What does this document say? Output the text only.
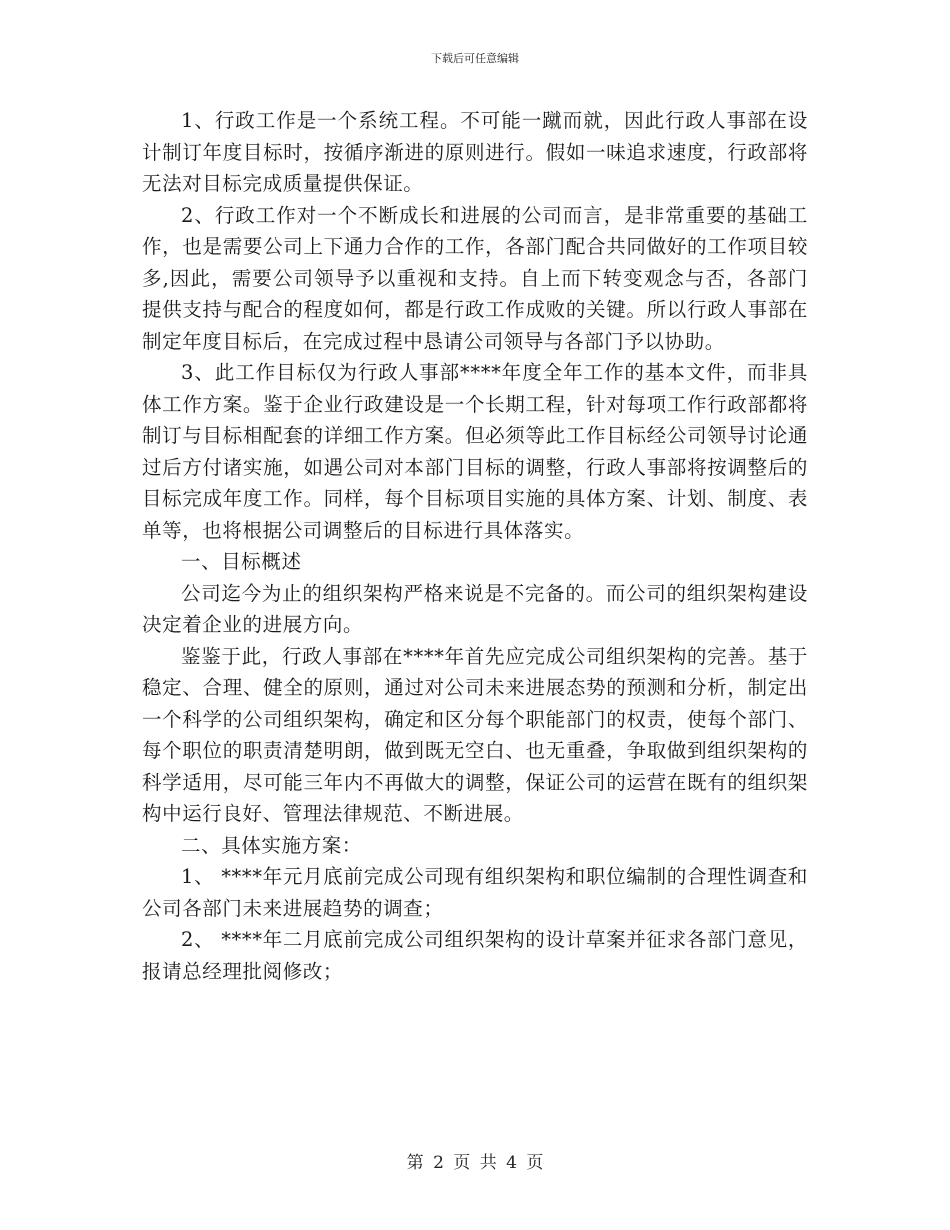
下载后可任意编辑

1、行政工作是一个系统工程。不可能一蹴而就，因此行政人事部在设计制订年度目标时，按循序渐进的原则进行。假如一味追求速度，行政部将无法对目标完成质量提供保证。

2、行政工作对一个不断成长和进展的公司而言，是非常重要的基础工作，也是需要公司上下通力合作的工作，各部门配合共同做好的工作项目较多,因此，需要公司领导予以重视和支持。自上而下转变观念与否，各部门提供支持与配合的程度如何，都是行政工作成败的关键。所以行政人事部在制定年度目标后，在完成过程中恳请公司领导与各部门予以协助。

3、此工作目标仅为行政人事部****年度全年工作的基本文件，而非具体工作方案。鉴于企业行政建设是一个长期工程，针对每项工作行政部都将制订与目标相配套的详细工作方案。但必须等此工作目标经公司领导讨论通过后方付诸实施，如遇公司对本部门目标的调整，行政人事部将按调整后的目标完成年度工作。同样，每个目标项目实施的具体方案、计划、制度、表单等，也将根据公司调整后的目标进行具体落实。

一、目标概述

公司迄今为止的组织架构严格来说是不完备的。而公司的组织架构建设决定着企业的进展方向。

鉴鉴于此，行政人事部在****年首先应完成公司组织架构的完善。基于稳定、合理、健全的原则，通过对公司未来进展态势的预测和分析，制定出一个科学的公司组织架构，确定和区分每个职能部门的权责，使每个部门、每个职位的职责清楚明朗，做到既无空白、也无重叠，争取做到组织架构的科学适用，尽可能三年内不再做大的调整，保证公司的运营在既有的组织架构中运行良好、管理法律规范、不断进展。

二、具体实施方案：

1、 ****年元月底前完成公司现有组织架构和职位编制的合理性调查和公司各部门未来进展趋势的调查；

2、 ****年二月底前完成公司组织架构的设计草案并征求各部门意见，报请总经理批阅修改；

第 2 页 共 4 页
